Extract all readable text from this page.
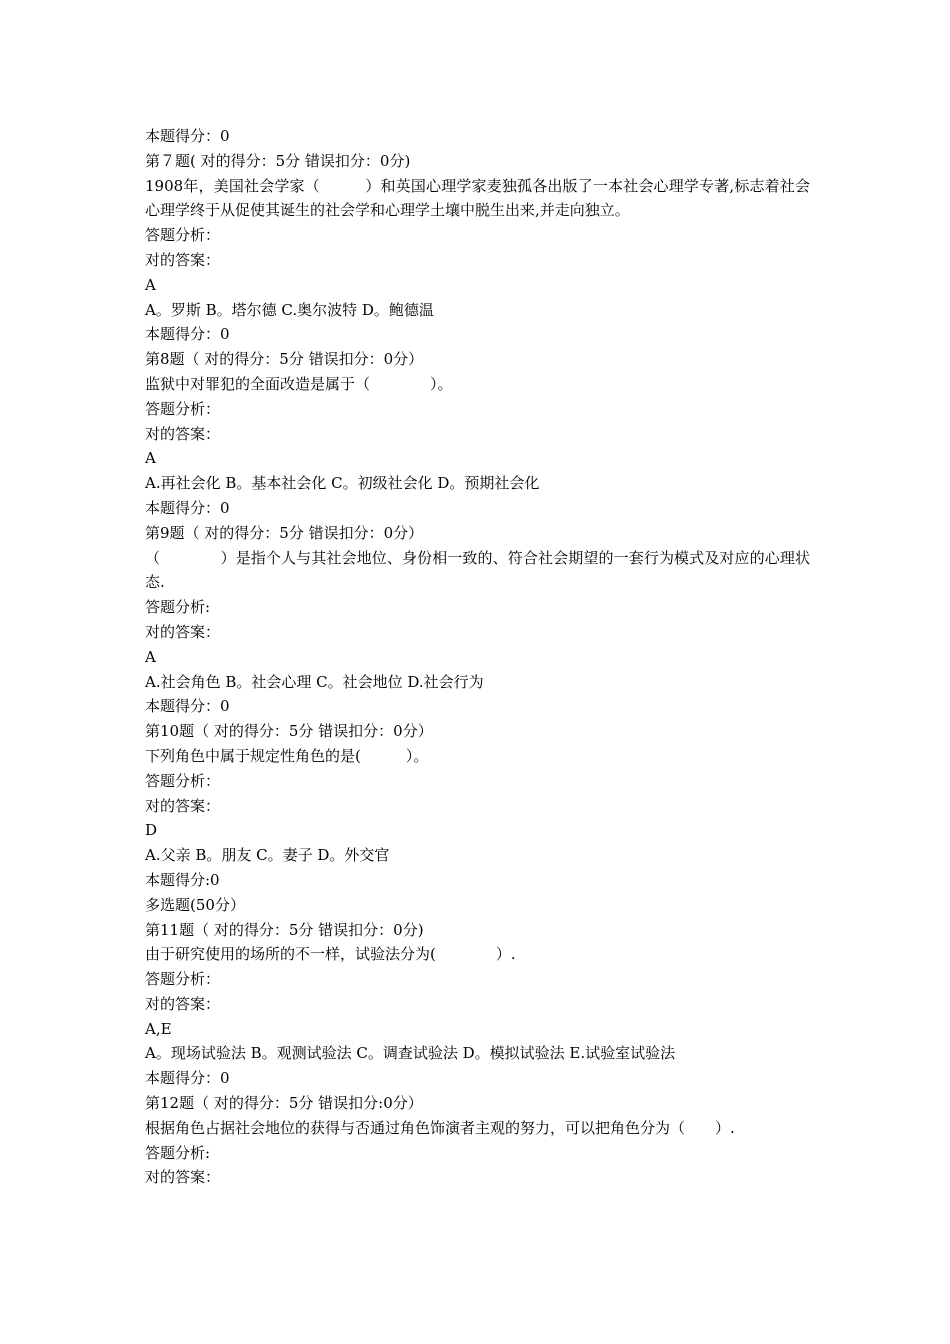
本题得分：0

第７题( 对的得分：5分 错误扣分：0分)

1908年，美国社会学家（　　　）和英国心理学家麦独孤各出版了一本社会心理学专著,标志着社会心理学终于从促使其诞生的社会学和心理学土壤中脱生出来,并走向独立。

答题分析：

对的答案：

A

A。罗斯 B。塔尔德 C.奥尔波特 D。鲍德温

本题得分：0

第8题（ 对的得分：5分 错误扣分：0分）

监狱中对罪犯的全面改造是属于（　　　　）。

答题分析：

对的答案：

A

A.再社会化 B。基本社会化 C。初级社会化 D。预期社会化

本题得分：0

第9题（ 对的得分：5分 错误扣分：0分）

（　　　　）是指个人与其社会地位、身份相一致的、符合社会期望的一套行为模式及对应的心理状态.

答题分析:

对的答案：

A

A.社会角色 B。社会心理 C。社会地位 D.社会行为

本题得分：0

第10题（ 对的得分：5分 错误扣分：0分）

下列角色中属于规定性角色的是(　　　）。

答题分析：

对的答案：

D

A.父亲 B。朋友 C。妻子 D。外交官

本题得分:0

多选题(50分）

第11题（ 对的得分：5分 错误扣分：0分)

由于研究使用的场所的不一样，试验法分为(　　　　）.

答题分析：

对的答案：

A,E

A。现场试验法 B。观测试验法 C。调查试验法 D。模拟试验法 E.试验室试验法

本题得分：0

第12题（ 对的得分：5分 错误扣分:0分）

根据角色占据社会地位的获得与否通过角色饰演者主观的努力，可以把角色分为（　　）.

答题分析:

对的答案：
